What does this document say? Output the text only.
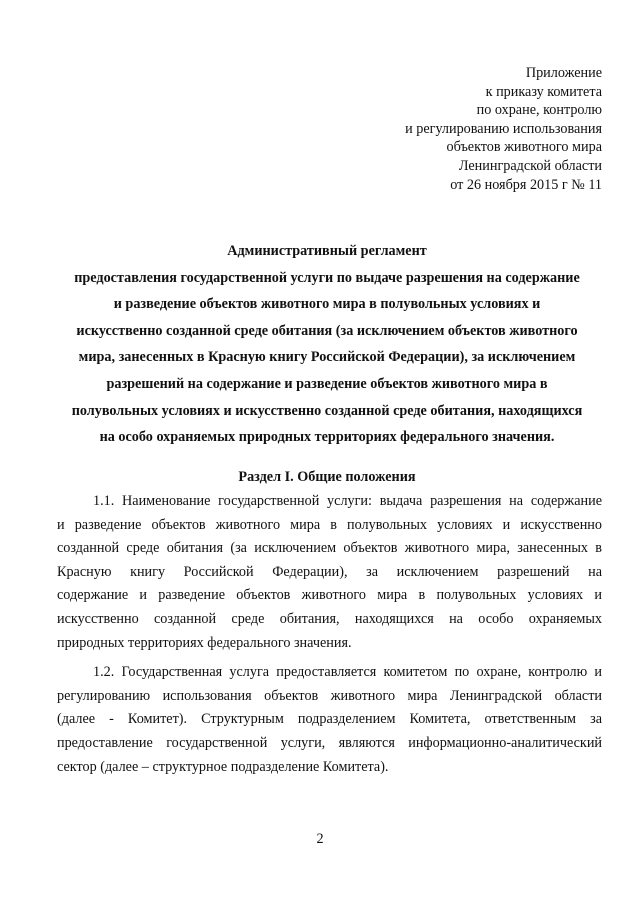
Приложение
к приказу комитета
по охране, контролю
и регулированию использования
объектов животного мира
Ленинградской области
от 26 ноября 2015 г № 11
Административный регламент
предоставления государственной услуги по выдаче разрешения на содержание
и разведение объектов животного мира в полувольных условиях и
искусственно созданной среде обитания (за исключением объектов животного
мира, занесенных в Красную книгу Российской Федерации), за исключением
разрешений на содержание и разведение объектов животного мира в
полувольных условиях и искусственно созданной среде обитания, находящихся
на особо охраняемых природных территориях федерального значения.
Раздел I. Общие положения
1.1. Наименование государственной услуги: выдача разрешения на содержание
и разведение объектов животного мира в полувольных условиях и искусственно
созданной среде обитания (за исключением объектов животного мира, занесенных в
Красную книгу Российской Федерации), за исключением разрешений на
содержание и разведение объектов животного мира в полувольных условиях и
искусственно созданной среде обитания, находящихся на особо охраняемых
природных территориях федерального значения.
1.2. Государственная услуга предоставляется комитетом по охране, контролю и
регулированию использования объектов животного мира Ленинградской области
(далее - Комитет). Структурным подразделением Комитета, ответственным за
предоставление государственной услуги, являются информационно-аналитический
сектор (далее – структурное подразделение Комитета).
2
